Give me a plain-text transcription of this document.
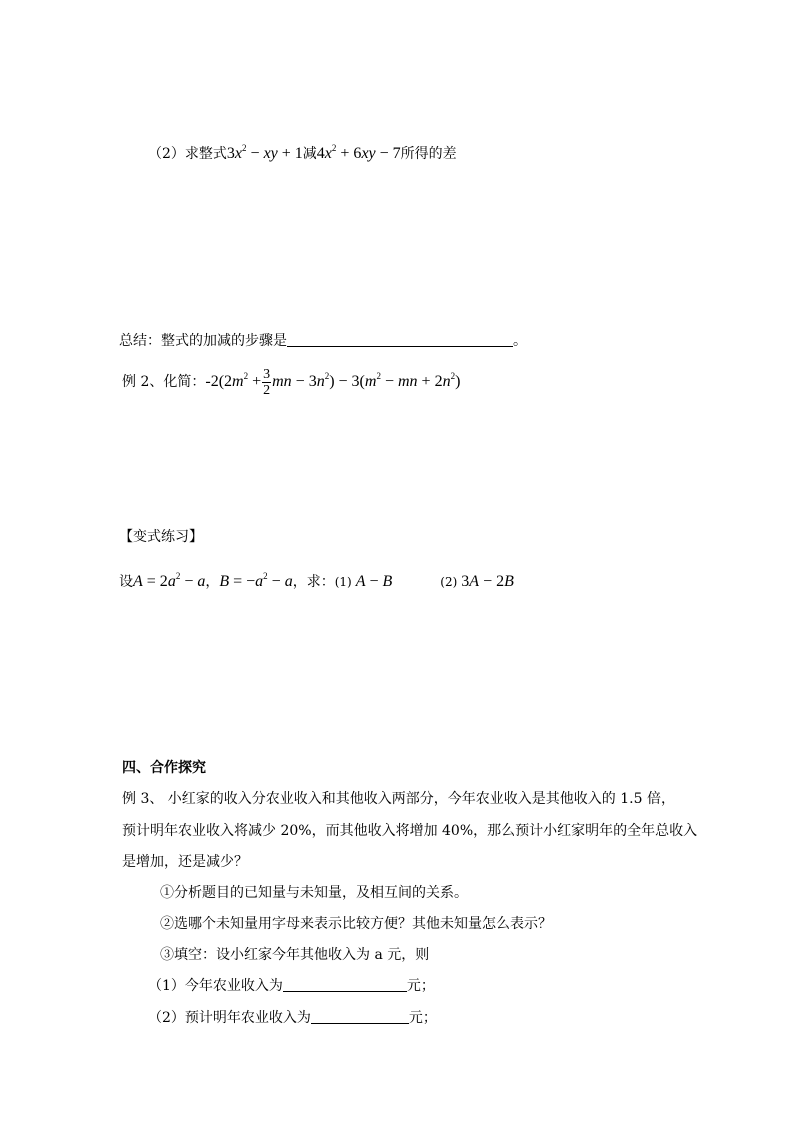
（2）求整式$3x^2$ − xy + 1减$4x^2 + 6xy - 7$所得的差
总结：整式的加减的步骤是	。
例 2、化简：$-2(2m^2 + \frac{3}{2}$ mn − $3n^2) - 3(m^2$ − mn + $2n^2$)
【变式练习】
设$A = 2a^2 - a$，$B = -a^2 - a$，求：(1) A − B	(2) 3A − 2B
四、合作探究
例 3、 小红家的收入分农业收入和其他收入两部分，今年农业收入是其他收入的 1.5 倍，
预计明年农业收入将减少 20%，而其他收入将增加 40%，那么预计小红家明年的全年总收入
是增加，还是减少？
①分析题目的已知量与未知量，及相互间的关系。
②选哪个未知量用字母来表示比较方便？其他未知量怎么表示？
③填空：设小红家今年其他收入为 a 元，则
（1）今年农业收入为	元；
（2）预计明年农业收入为	元；
